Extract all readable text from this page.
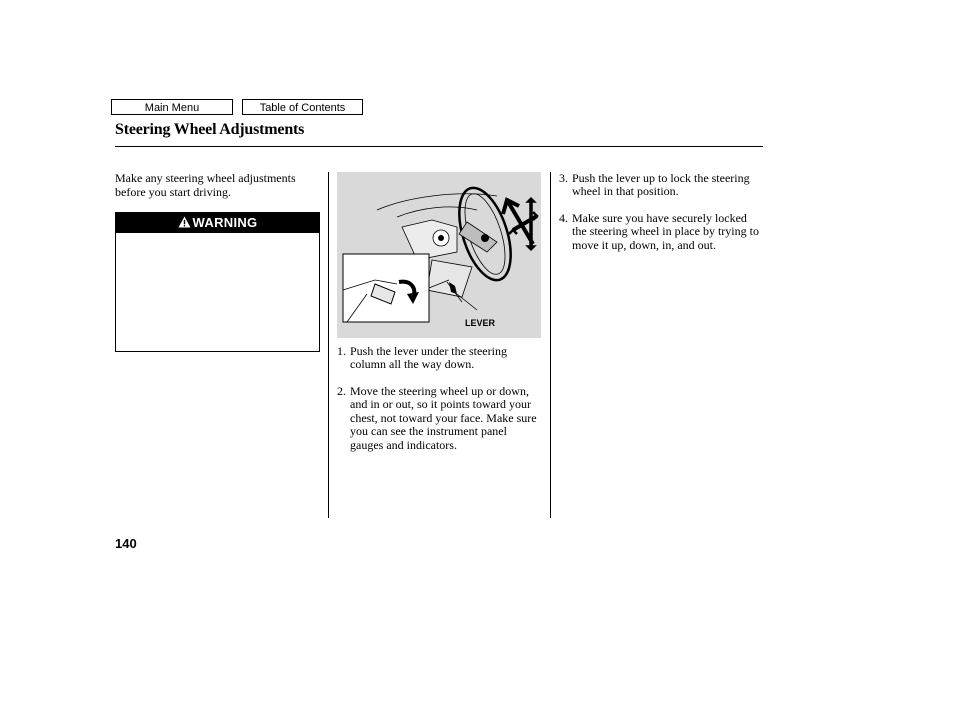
Main Menu	Table of Contents
Steering Wheel Adjustments
Make any steering wheel adjustments before you start driving.
WARNING
LEVER
1. Push the lever under the steering column all the way down.
2. Move the steering wheel up or down, and in or out, so it points toward your chest, not toward your face. Make sure you can see the instrument panel gauges and indicators.
3. Push the lever up to lock the steering wheel in that position.
4. Make sure you have securely locked the steering wheel in place by trying to move it up, down, in, and out.
140
